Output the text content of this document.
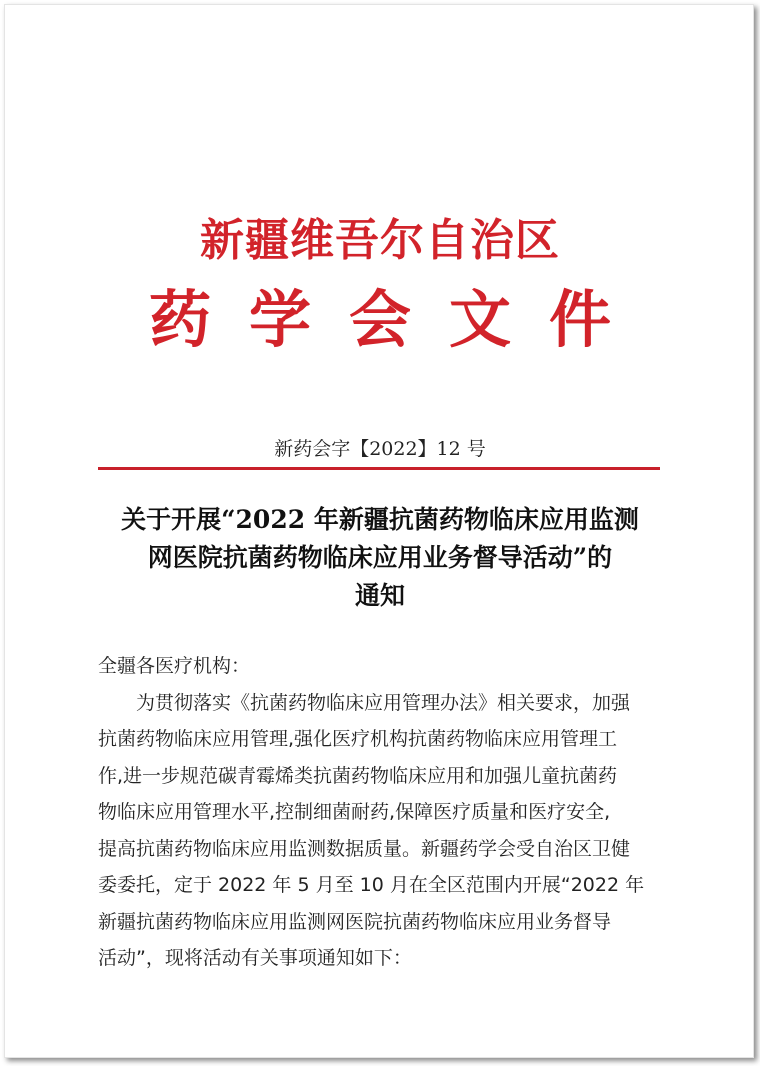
新疆维吾尔自治区
药学会文件
新药会字【2022】12 号
关于开展“2022 年新疆抗菌药物临床应用监测
网医院抗菌药物临床应用业务督导活动”的
通知
全疆各医疗机构：
为贯彻落实《抗菌药物临床应用管理办法》相关要求，加强
抗菌药物临床应用管理,强化医疗机构抗菌药物临床应用管理工
作,进一步规范碳青霉烯类抗菌药物临床应用和加强儿童抗菌药
物临床应用管理水平,控制细菌耐药,保障医疗质量和医疗安全,
提高抗菌药物临床应用监测数据质量。新疆药学会受自治区卫健
委委托，定于 2022 年 5 月至 10 月在全区范围内开展“2022 年
新疆抗菌药物临床应用监测网医院抗菌药物临床应用业务督导
活动”，现将活动有关事项通知如下：
